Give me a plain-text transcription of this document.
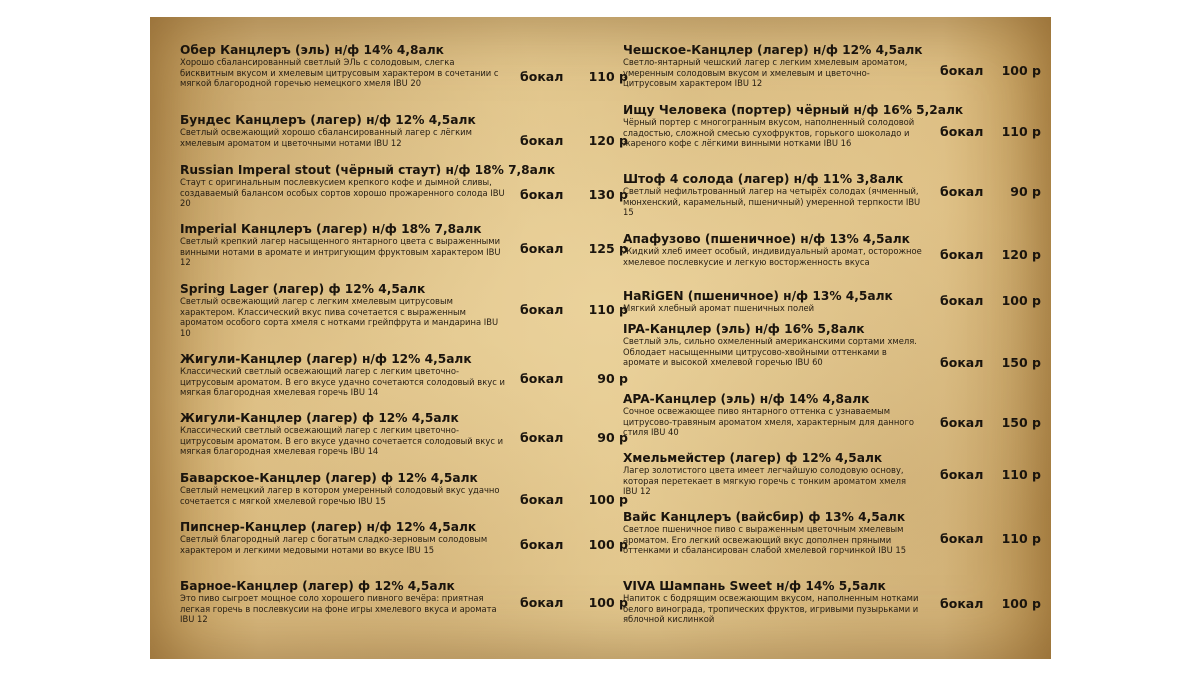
Обер Канцлеръ (эль) н/ф 14% 4,8алк
Хорошо сбалансированный светлый ЭЛь с солодовым, слегка бисквитным вкусом и хмелевым цитрусовым характером в сочетании с мягкой благородной горечью немецкого хмеля IBU 20	бокал	110 р
Бундес Канцлеръ (лагер) н/ф 12% 4,5алк
Светлый освежающий хорошо сбалансированный лагер с лёгким хмелевым ароматом и цветочными нотами IBU 12	бокал	120 р
Russian Imperal stout (чёрный стаут) н/ф 18% 7,8алк
Стаут с оригинальным послевкусием крепкого кофе и дымной сливы, создаваемый балансом особых сортов хорошо прожаренного солода IBU 20
бокал	130 р
Imperial Канцлеръ (лагер) н/ф 18% 7,8алк
Светлый крепкий лагер насыщенного янтарного цвета с выраженными винными нотами в аромате и интригующим фруктовым характером IBU 12
бокал	125 р
Spring Lager (лагер) ф 12% 4,5алк
Светлый освежающий лагер с легким хмелевым цитрусовым характером. Классический вкус пива сочетается с выраженным ароматом особого сорта хмеля с нотками грейпфрута и мандарина IBU 10
бокал	110 р
Жигули-Канцлер (лагер) н/ф 12% 4,5алк
Классический светлый освежающий лагер с легким цветочно-цитрусовым ароматом. В его вкусе удачно сочетаются солодовый вкус и мягкая благородная хмелевая горечь IBU 14
бокал	90 р
Жигули-Канцлер (лагер) ф 12% 4,5алк
Классический светлый освежающий лагер с легким цветочно-цитрусовым ароматом. В его вкусе удачно сочетается солодовый вкус и мягкая благородная хмелевая горечь IBU 14
бокал	90 р
Баварское-Канцлер (лагер) ф 12% 4,5алк
Светлый немецкий лагер в котором умеренный солодовый вкус удачно сочетается с мягкой хмелевой горечью IBU 15	бокал	100 р
Пипснер-Канцлер (лагер) н/ф 12% 4,5алк
Светлый благородный лагер с богатым сладко-зерновым солодовым характером и легкими медовыми нотами во вкусе IBU 15	бокал	100 р
Барное-Канцлер (лагер) ф 12% 4,5алк
Это пиво сыгроет мощное соло хорошего пивного вечёра: приятная легкая горечь в послевкусии на фоне игры хмелевого вкуса и аромата IBU 12
бокал	100 р
Чешское-Канцлер (лагер) н/ф 12% 4,5алк
Светло-янтарный чешский лагер с легким хмелевым ароматом, умеренным солодовым вкусом и хмелевым и цветочно-цитрусовым характером IBU 12
бокал	100 р
Ищу Человека (портер) чёрный н/ф 16% 5,2алк
Чёрный портер с многогранным вкусом, наполненный солодовой сладостью, сложной смесью сухофруктов, горького шоколадо и жареного кофе с лёгкими винными нотками IBU 16
бокал	110 р
Штоф 4 солода (лагер) н/ф 11% 3,8алк
Светлый нефильтрованный лагер на четырёх солодах (ячменный, мюнхенский, карамельный, пшеничный) умеренной терпкости IBU 15
бокал	90 р
Апафузово (пшеничное) н/ф 13% 4,5алк
Жидкий хлеб имеет особый, индивидуальный аромат, осторожное хмелевое послевкусие и легкую восторженность вкуса	бокал	120 р
HaRiGEN (пшеничное) н/ф 13% 4,5алк
Мягкий хлебный аромат пшеничных полей	бокал	100 р
IPA-Канцлер (эль) н/ф 16% 5,8алк
Светлый эль, сильно охмеленный американскими сортами хмеля. Облодает насыщенными цитрусово-хвойными оттенками в аромате и высокой хмелевой горечью IBU 60	бокал	150 р
APA-Канцлер (эль) н/ф 14% 4,8алк
Сочное освежающее пиво янтарного оттенка с узнаваемым цитрусово-травяным ароматом хмеля, характерным для данного стиля IBU 40
бокал	150 р
Хмельмейстер (лагер) ф 12% 4,5алк
Лагер золотистого цвета имеет легчайшую солодовую основу, которая перетекает в мягкую горечь с тонким ароматом хмеля IBU 12
бокал	110 р
Вайс Канцлеръ (вайсбир) ф 13% 4,5алк
Светлое пшеничное пиво с выраженным цветочным хмелевым ароматом. Его легкий освежающий вкус дополнен пряными оттенками и сбалансирован слабой хмелевой горчинкой IBU 15
бокал	110 р
VIVA Шампань Sweet н/ф 14% 5,5алк
Напиток с бодрящим освежающим вкусом, наполненным нотками белого винограда, тропических фруктов, игривыми пузырьками и яблочной кислинкой
бокал	100 р
